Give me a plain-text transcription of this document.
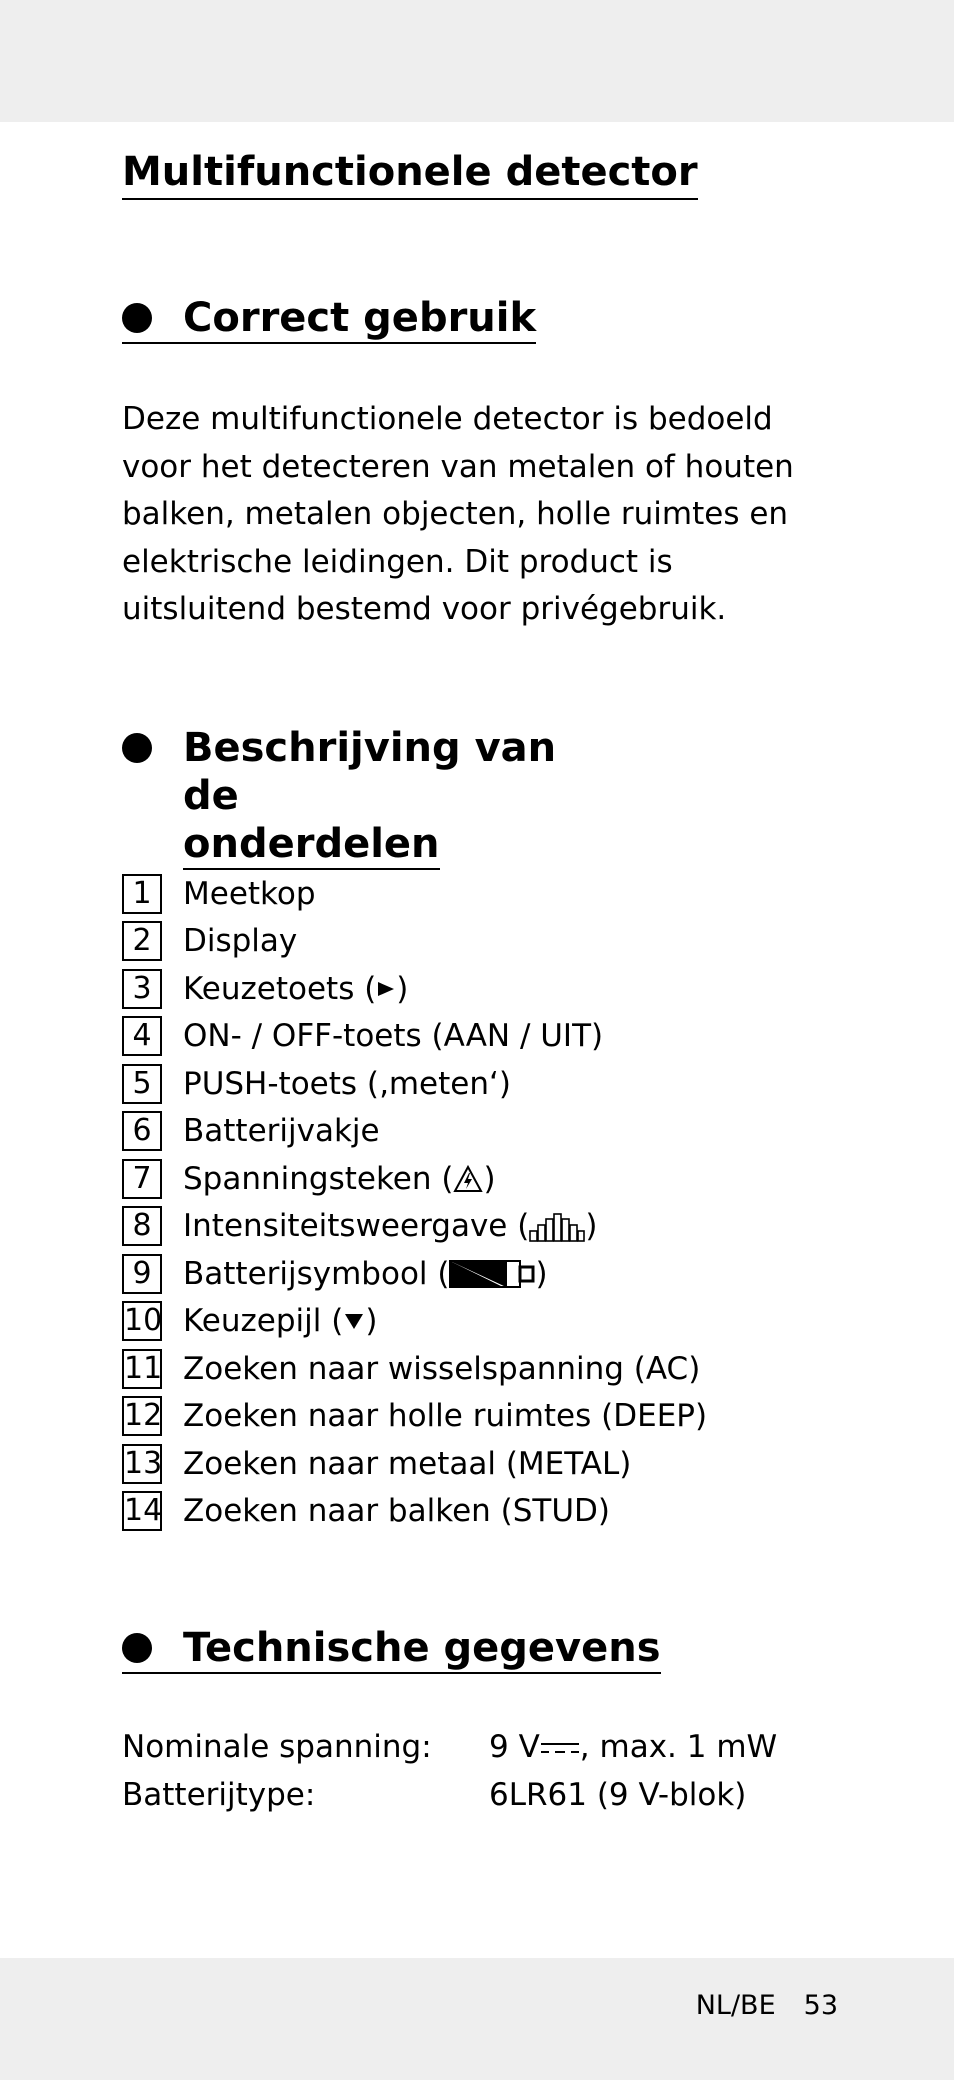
Multifunctionele detector
Correct gebruik

Deze multifunctionele detector is bedoeld voor het detecteren van metalen of houten balken, metalen objecten, holle ruimtes en elektrische leidingen. Dit product is uitsluitend bestemd voor privégebruik.

Beschrijving van de
onderdelen
1	Meetkop
2	Display
3	Keuzetoets ( )
4	ON- / OFF-toets (AAN / UIT)
5	PUSH-toets (‚meten‘)
6	Batterijvakje
7	Spanningsteken ( )
8	Intensiteitsweergave ( )
9	Batterijsymbool (	)
10 Keuzepijl ( )
11 Zoeken naar wisselspanning (AC)
12 Zoeken naar holle ruimtes (DEEP)
13 Zoeken naar metaal (METAL)
14 Zoeken naar balken (STUD)
Technische gegevens
Nominale spanning:	9 V , max. 1 mW
Batterijtype:	6LR61 (9 V-blok)
NL/BE 53
